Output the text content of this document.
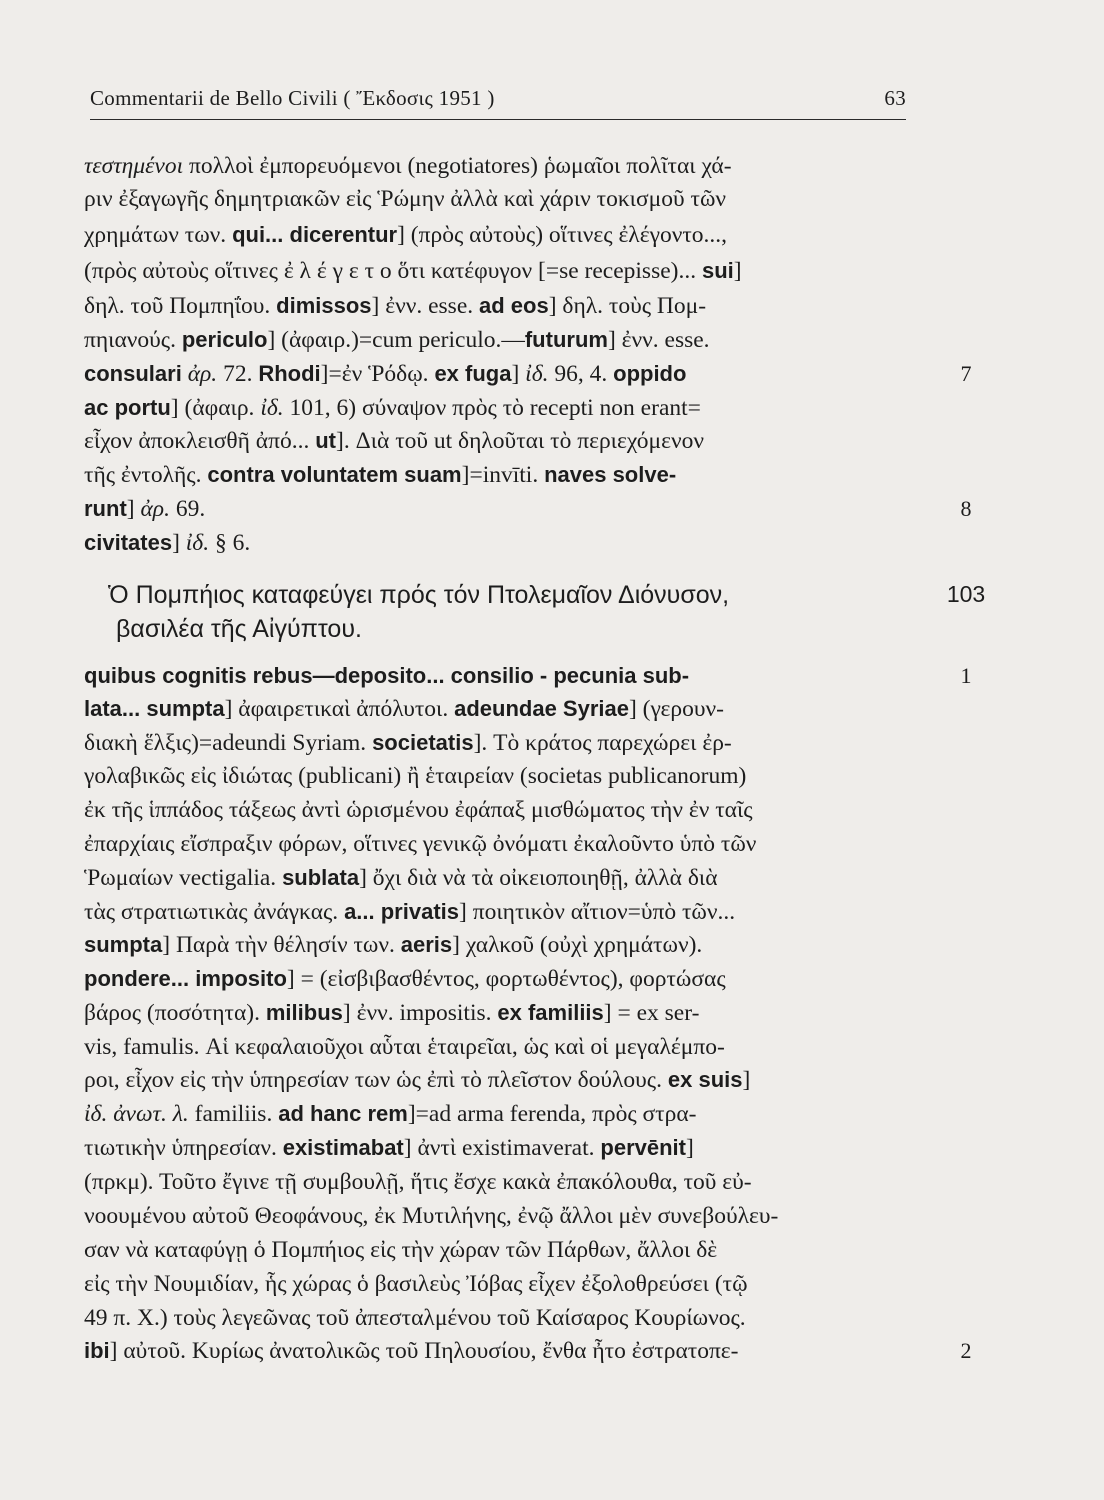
Commentarii de Bello Civili ( Ἔκδοσις 1951 )	63
τεστημένοι πολλοὶ ἐμπορευόμενοι (negotiatores) ῥωμαῖοι πολῖται χά-
ριν ἐξαγωγῆς δημητριακῶν εἰς Ῥώμην ἀλλὰ καὶ χάριν τοκισμοῦ τῶν
χρημάτων των. qui... dicerentur] (πρὸς αὐτοὺς) οἵτινες ἐλέγοντο...,
(πρὸς αὐτοὺς οἵτινες ἐ λ έ γ ε τ ο ὅτι κατέφυγον [=se recepisse)... sui]
δηλ. τοῦ Πομπηΐου. dimissos] ἐνν. esse. ad eos] δηλ. τοὺς Πομ-
πηιανούς. periculo] (ἀφαιρ.)=cum periculo.—futurum] ἐνν. esse.
consulari ἀρ. 72. Rhodi]=ἐν Ῥόδῳ. ex fuga] ἰδ. 96, 4. oppido
ac portu] (ἀφαιρ. ἰδ. 101, 6) σύναψον πρὸς τὸ recepti non erant=
εἶχον ἀποκλεισθῆ ἀπό... ut]. Διὰ τοῦ ut δηλοῦται τὸ περιεχόμενον
τῆς ἐντολῆς. contra voluntatem suam]=invīti. naves solve-
runt] ἀρ. 69.
civitates] ἰδ. § 6.
quibus cognitis rebus—deposito... consilio - pecunia sub-
lata... sumpta] ἀφαιρετικαὶ ἀπόλυτοι. adeundae Syriae] (γερουν-
διακὴ ἕλξις)=adeundi Syriam. societatis]. Τὸ κράτος παρεχώρει ἐρ-
γολαβικῶς εἰς ἰδιώτας (publicani) ἢ ἑταιρείαν (societas publicanorum)
ἐκ τῆς ἱππάδος τάξεως ἀντὶ ὡρισμένου ἐφάπαξ μισθώματος τὴν ἐν ταῖς
ἐπαρχίαις εἴσπραξιν φόρων, οἵτινες γενικῷ ὀνόματι ἐκαλοῦντο ὑπὸ τῶν
Ῥωμαίων vectigalia. sublata] ὄχι διὰ νὰ τὰ οἰκειοποιηθῇ, ἀλλὰ διὰ
τὰς στρατιωτικὰς ἀνάγκας. a... privatis] ποιητικὸν αἴτιον=ὑπὸ τῶν...
sumpta] Παρὰ τὴν θέλησίν των. aeris] χαλκοῦ (οὐχὶ χρημάτων).
pondere... imposito] = (εἰσβιβασθέντος, φορτωθέντος), φορτώσας
βάρος (ποσότητα). milibus] ἐνν. impositis. ex familiis] = ex ser-
vis, famulis. Αἱ κεφαλαιοῦχοι αὗται ἑταιρεῖαι, ὡς καὶ οἱ μεγαλέμπο-
ροι, εἶχον εἰς τὴν ὑπηρεσίαν των ὡς ἐπὶ τὸ πλεῖστον δούλους. ex suis]
ἰδ. ἀνωτ. λ. familiis. ad hanc rem]=ad arma ferenda, πρὸς στρα-
τιωτικὴν ὑπηρεσίαν. existimabat] ἀντὶ existimaverat. pervēnit]
(πρκμ). Τοῦτο ἔγινε τῇ συμβουλῇ, ἥτις ἔσχε κακὰ ἐπακόλουθα, τοῦ εὐ-
νοουμένου αὐτοῦ Θεοφάνους, ἐκ Μυτιλήνης, ἐνῷ ἄλλοι μὲν συνεβούλευ-
σαν νὰ καταφύγῃ ὁ Πομπήιος εἰς τὴν χώραν τῶν Πάρθων, ἄλλοι δὲ
εἰς τὴν Νουμιδίαν, ἧς χώρας ὁ βασιλεὺς Ἰόβας εἶχεν ἐξολοθρεύσει (τῷ
49 π. Χ.) τοὺς λεγεῶνας τοῦ ἀπεσταλμένου τοῦ Καίσαρος Κουρίωνος.
ibi] αὐτοῦ. Κυρίως ἀνατολικῶς τοῦ Πηλουσίου, ἔνθα ἦτο ἐστρατοπε-
Ὁ Πομπήιος καταφεύγει πρός τόν Πτολεμαῖον Διόνυσον,
βασιλέα τῆς Αἰγύπτου.
7
8
103
1
2
